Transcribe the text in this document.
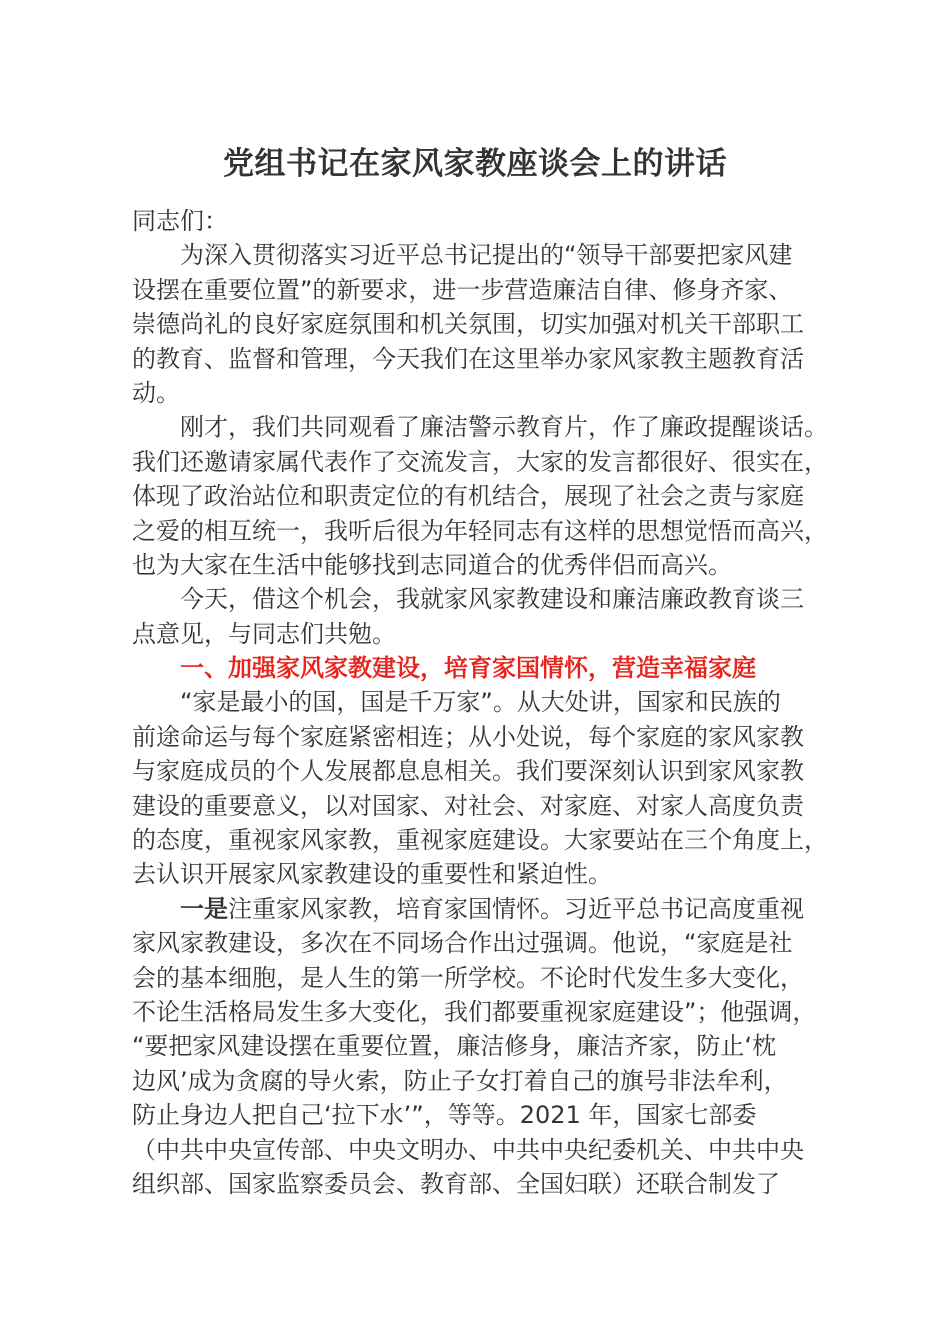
党组书记在家风家教座谈会上的讲话
同志们：
为深入贯彻落实习近平总书记提出的“领导干部要把家风建
设摆在重要位置”的新要求，进一步营造廉洁自律、修身齐家、
崇德尚礼的良好家庭氛围和机关氛围，切实加强对机关干部职工
的教育、监督和管理，今天我们在这里举办家风家教主题教育活
动。
刚才，我们共同观看了廉洁警示教育片，作了廉政提醒谈话。
我们还邀请家属代表作了交流发言，大家的发言都很好、很实在，
体现了政治站位和职责定位的有机结合，展现了社会之责与家庭
之爱的相互统一，我听后很为年轻同志有这样的思想觉悟而高兴，
也为大家在生活中能够找到志同道合的优秀伴侣而高兴。
今天，借这个机会，我就家风家教建设和廉洁廉政教育谈三
点意见，与同志们共勉。
一、加强家风家教建设，培育家国情怀，营造幸福家庭
“家是最小的国，国是千万家”。从大处讲，国家和民族的
前途命运与每个家庭紧密相连；从小处说，每个家庭的家风家教
与家庭成员的个人发展都息息相关。我们要深刻认识到家风家教
建设的重要意义，以对国家、对社会、对家庭、对家人高度负责
的态度，重视家风家教，重视家庭建设。大家要站在三个角度上，
去认识开展家风家教建设的重要性和紧迫性。
一是注重家风家教，培育家国情怀。习近平总书记高度重视
家风家教建设，多次在不同场合作出过强调。他说，“家庭是社
会的基本细胞，是人生的第一所学校。不论时代发生多大变化，
不论生活格局发生多大变化，我们都要重视家庭建设”；他强调，
“要把家风建设摆在重要位置，廉洁修身，廉洁齐家，防止‘枕
边风’成为贪腐的导火索，防止子女打着自己的旗号非法牟利，
防止身边人把自己‘拉下水’”，等等。2021 年，国家七部委
（中共中央宣传部、中央文明办、中共中央纪委机关、中共中央
组织部、国家监察委员会、教育部、全国妇联）还联合制发了
